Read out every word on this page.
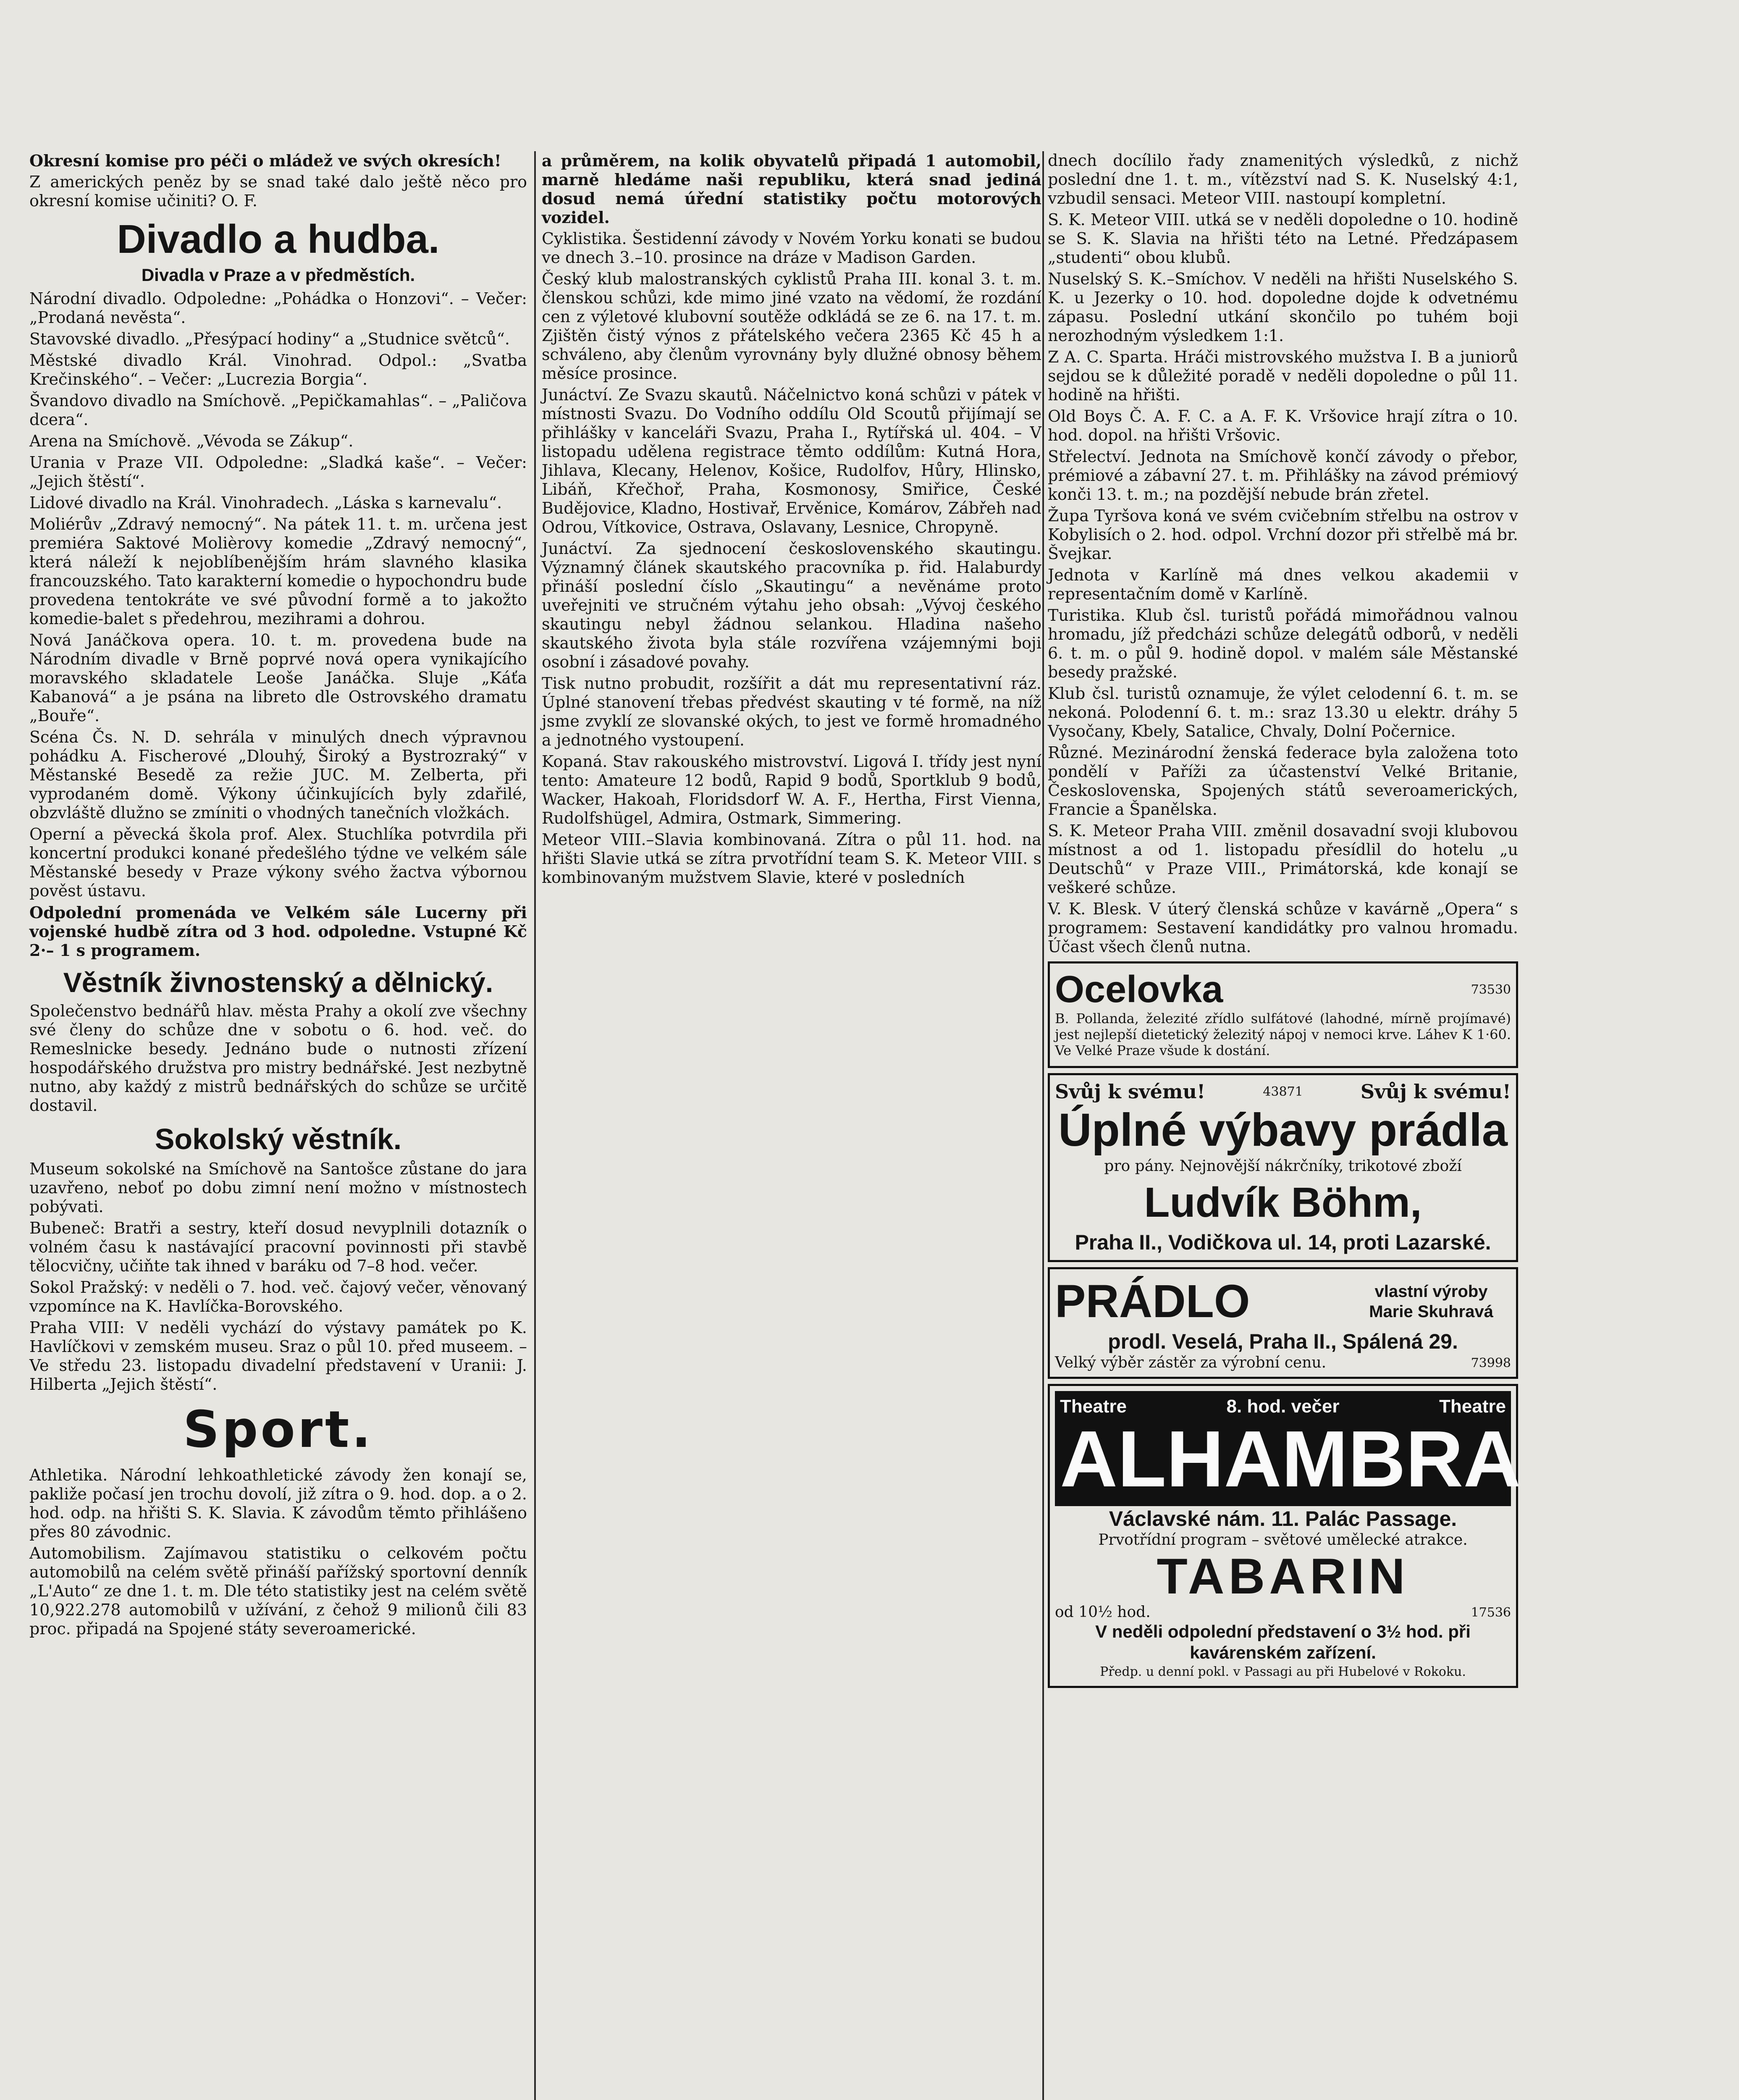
Okresní komise pro péči o mládež ve svých okresích!

Z amerických peněz by se snad také dalo ještě něco pro okresní komise učiniti? O. F.

Divadlo a hudba.
Divadla v Praze a v předměstích.

Národní divadlo. Odpoledne: „Pohádka o Honzovi“. – Večer: „Prodaná nevěsta“.

Stavovské divadlo. „Přesýpací hodiny“ a „Studnice světců“.

Městské divadlo Král. Vinohrad. Odpol.: „Svatba Krečinského“. – Večer: „Lucrezia Borgia“.

Švandovo divadlo na Smíchově. „Pepičkamahlas“. – „Paličova dcera“.

Arena na Smíchově. „Vévoda se Zákup“.

Urania v Praze VII. Odpoledne: „Sladká kaše“. – Večer: „Jejich štěstí“.

Lidové divadlo na Král. Vinohradech. „Láska s karnevalu“.

Moliérův „Zdravý nemocný“. Na pátek 11. t. m. určena jest premiéra Saktové Molièrovy komedie „Zdravý nemocný“, která náleží k nejoblíbenějším hrám slavného klasika francouzského. Tato karakterní komedie o hypochondru bude provedena tentokráte ve své původní formě a to jakožto komedie-balet s předehrou, mezihrami a dohrou.

Nová Janáčkova opera. 10. t. m. provedena bude na Národním divadle v Brně poprvé nová opera vynikajícího moravského skladatele Leoše Janáčka. Sluje „Káťa Kabanová“ a je psána na libreto dle Ostrovského dramatu „Bouře“.

Scéna Čs. N. D. sehrála v minulých dnech výpravnou pohádku A. Fischerové „Dlouhý, Široký a Bystrozraký“ v Městanské Besedě za režie JUC. M. Zelberta, při vyprodaném domě. Výkony účinkujících byly zdařilé, obzvláště dlužno se zmíniti o vhodných tanečních vložkách.

Operní a pěvecká škola prof. Alex. Stuchlíka potvrdila při koncertní produkci konané předešlého týdne ve velkém sále Městanské besedy v Praze výkony svého žactva výbornou pověst ústavu.

Odpolední promenáda ve Velkém sále Lucerny při vojenské hudbě zítra od 3 hod. odpoledne. Vstupné Kč 2·– 1 s programem.

Věstník živnostenský a dělnický.

Společenstvo bednářů hlav. města Prahy a okolí zve všechny své členy do schůze dne v sobotu o 6. hod. več. do Remeslnicke besedy. Jednáno bude o nutnosti zřízení hospodářského družstva pro mistry bednářské. Jest nezbytně nutno, aby každý z mistrů bednářských do schůze se určitě dostavil.

Sokolský věstník.

Museum sokolské na Smíchově na Santošce zůstane do jara uzavřeno, neboť po dobu zimní není možno v místnostech pobývati.

Bubeneč: Bratři a sestry, kteří dosud nevyplnili dotazník o volném času k nastávající pracovní povinnosti při stavbě tělocvičny, učiňte tak ihned v baráku od 7–8 hod. večer.

Sokol Pražský: v neděli o 7. hod. več. čajový večer, věnovaný vzpomínce na K. Havlíčka-Borovského.

Praha VIII: V neděli vychází do výstavy památek po K. Havlíčkovi v zemském museu. Sraz o půl 10. před museem. – Ve středu 23. listopadu divadelní představení v Uranii: J. Hilberta „Jejich štěstí“.

Sport.

Athletika. Národní lehkoathletické závody žen konají se, pakliže počasí jen trochu dovolí, již zítra o 9. hod. dop. a o 2. hod. odp. na hřišti S. K. Slavia. K závodům těmto přihlášeno přes 80 závodnic.

Automobilism. Zajímavou statistiku o celkovém počtu automobilů na celém světě přináší pařížský sportovní denník „L'Auto“ ze dne 1. t. m. Dle této statistiky jest na celém světě 10,922.278 automobilů v užívání, z čehož 9 milionů čili 83 proc. připadá na Spojené státy severoamerické.

a průměrem, na kolik obyvatelů připadá 1 automobil, marně hledáme naši republiku, která snad jediná dosud nemá úřední statistiky počtu motorových vozidel.

Cyklistika. Šestidenní závody v Novém Yorku konati se budou ve dnech 3.–10. prosince na dráze v Madison Garden.

Český klub malostranských cyklistů Praha III. konal 3. t. m. členskou schůzi, kde mimo jiné vzato na vědomí, že rozdání cen z výletové klubovní soutěže odkládá se ze 6. na 17. t. m. Zjištěn čistý výnos z přátelského večera 2365 Kč 45 h a schváleno, aby členům vyrovnány byly dlužné obnosy během měsíce prosince.

Junáctví. Ze Svazu skautů. Náčelnictvo koná schůzi v pátek v místnosti Svazu. Do Vodního oddílu Old Scoutů přijímají se přihlášky v kanceláři Svazu, Praha I., Rytířská ul. 404. – V listopadu udělena registrace těmto oddílům: Kutná Hora, Jihlava, Klecany, Helenov, Košice, Rudolfov, Hůry, Hlinsko, Libáň, Křečhoř, Praha, Kosmonosy, Smiřice, České Budějovice, Kladno, Hostivař, Ervěnice, Komárov, Zábřeh nad Odrou, Vítkovice, Ostrava, Oslavany, Lesnice, Chropyně.

Junáctví. Za sjednocení československého skautingu. Významný článek skautského pracovníka p. řid. Halaburdy přináší poslední číslo „Skautingu“ a nevěnáme proto uveřejniti ve stručném výtahu jeho obsah: „Vývoj českého skautingu nebyl žádnou selankou. Hladina našeho skautského života byla stále rozvířena vzájemnými boji osobní i zásadové povahy.

Tisk nutno probudit, rozšířit a dát mu representativní ráz. Úplné stanovení třebas předvést skauting v té formě, na níž jsme zvyklí ze slovanské okých, to jest ve formě hromadného a jednotného vystoupení.

Kopaná. Stav rakouského mistrovství. Ligová I. třídy jest nyní tento: Amateure 12 bodů, Rapid 9 bodů, Sportklub 9 bodů, Wacker, Hakoah, Floridsdorf W. A. F., Hertha, First Vienna, Rudolfshügel, Admira, Ostmark, Simmering.

Meteor VIII.–Slavia kombinovaná. Zítra o půl 11. hod. na hřišti Slavie utká se zítra prvotřídní team S. K. Meteor VIII. s kombinovaným mužstvem Slavie, které v posledních

dnech docílilo řady znamenitých výsledků, z nichž poslední dne 1. t. m., vítězství nad S. K. Nuselský 4:1, vzbudil sensaci. Meteor VIII. nastoupí kompletní.

S. K. Meteor VIII. utká se v neděli dopoledne o 10. hodině se S. K. Slavia na hřišti této na Letné. Předzápasem „studenti“ obou klubů.

Nuselský S. K.–Smíchov. V neděli na hřišti Nuselského S. K. u Jezerky o 10. hod. dopoledne dojde k odvetnému zápasu. Poslední utkání skončilo po tuhém boji nerozhodným výsledkem 1:1.

Z A. C. Sparta. Hráči mistrovského mužstva I. B a juniorů sejdou se k důležité poradě v neděli dopoledne o půl 11. hodině na hřišti.

Old Boys Č. A. F. C. a A. F. K. Vršovice hrají zítra o 10. hod. dopol. na hřišti Vršovic.

Střelectví. Jednota na Smíchově končí závody o přebor, prémiové a zábavní 27. t. m. Přihlášky na závod prémiový konči 13. t. m.; na pozdější nebude brán zřetel.

Župa Tyršova koná ve svém cvičebním střelbu na ostrov v Kobylisích o 2. hod. odpol. Vrchní dozor při střelbě má br. Švejkar.

Jednota v Karlíně má dnes velkou akademii v representačním domě v Karlíně.

Turistika. Klub čsl. turistů pořádá mimořádnou valnou hromadu, jíž předcházi schůze delegátů odborů, v neděli 6. t. m. o půl 9. hodině dopol. v malém sále Městanské besedy pražské.

Klub čsl. turistů oznamuje, že výlet celodenní 6. t. m. se nekoná. Polodenní 6. t. m.: sraz 13.30 u elektr. dráhy 5 Vysočany, Kbely, Satalice, Chvaly, Dolní Počernice.

Různé. Mezinárodní ženská federace byla založena toto pondělí v Paříži za účastenství Velké Britanie, Československa, Spojených států severoamerických, Francie a Španělska.

S. K. Meteor Praha VIII. změnil dosavadní svoji klubovou místnost a od 1. listopadu přesídlil do hotelu „u Deutschů“ v Praze VIII., Primátorská, kde konají se veškeré schůze.

V. K. Blesk. V úterý členská schůze v kavárně „Opera“ s programem: Sestavení kandidátky pro valnou hromadu. Účast všech členů nutna.

Ocelovka	73530

B. Pollanda, železité zřídlo sulfátové (lahodné, mírně projímavé) jest nejlepší dietetický železitý nápoj v nemoci krve. Láhev K 1·60. Ve Velké Praze všude k dostání.

Svůj k svému!	43871	Svůj k svému!
Úplné výbavy prádla
pro pány. Nejnovější nákrčníky, trikotové zboží
Ludvík Böhm,
Praha II., Vodičkova ul. 14, proti Lazarské.
PRÁDLO	vlastní výroby Marie Skuhravá
prodl. Veselá, Praha II., Spálená 29.
Velký výběr zástěr za výrobní cenu.	73998
Theatre	8. hod. večer	Theatre
ALHAMBRA
Václavské nám. 11. Palác Passage.
Prvotřídní program – světové umělecké atrakce.
TABARIN
od 10½ hod.	17536
V neděli odpolední představení o 3½ hod. při kavárenském zařízení.
Předp. u denní pokl. v Passagi au při Hubelové v Rokoku.
